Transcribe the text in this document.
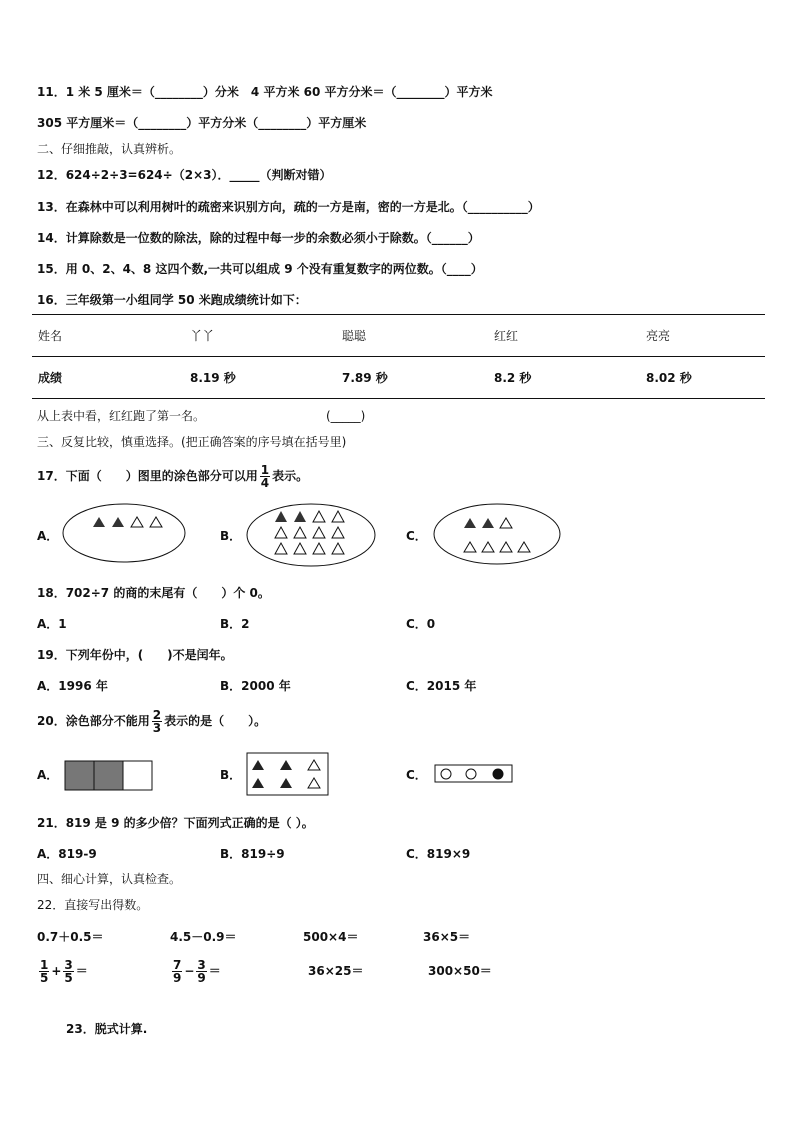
11．1 米 5 厘米＝（________）分米　4 平方米 60 平方分米＝（________）平方米
305 平方厘米＝（________）平方分米（________）平方厘米
二、仔细推敲，认真辨析。
12．624÷2÷3=624÷（2×3）．_____（判断对错）
13．在森林中可以利用树叶的疏密来识别方向，疏的一方是南，密的一方是北。（__________）
14．计算除数是一位数的除法，除的过程中每一步的余数必须小于除数。（______）
15．用 0、2、4、8 这四个数,一共可以组成 9 个没有重复数字的两位数。（____）
16．三年级第一小组同学 50 米跑成绩统计如下：
姓名	丫丫	聪聪	红红	亮亮
成绩	8.19 秒	7.89 秒	8.2 秒	8.02 秒
从上表中看，红红跑了第一名。	(_____)
三、反复比较，慎重选择。(把正确答案的序号填在括号里)
17．下面（　　）图里的涂色部分可以用 $\frac{1}{4}$ 表示。
A．	B．	C．
18．702÷7 的商的末尾有（　　）个 0。
A．1	B．2	C．0
19．下列年份中，(　　)不是闰年。
A．1996 年	B．2000 年	C．2015 年
20．涂色部分不能用 $\frac{2}{3}$ 表示的是（　　）。
A．	B．	C．
21．819 是 9 的多少倍？下面列式正确的是（ ）。
A．819-9	B．819÷9	C．819×9
四、细心计算，认真检查。
22．直接写出得数。
0.7＋0.5＝	4.5－0.9＝	500×4＝	36×5＝
$\frac{1}{5} + \frac{3}{5}$ ＝	$\frac{7}{9} - \frac{3}{9}$ ＝	36×25＝	300×50＝
23．脱式计算.
